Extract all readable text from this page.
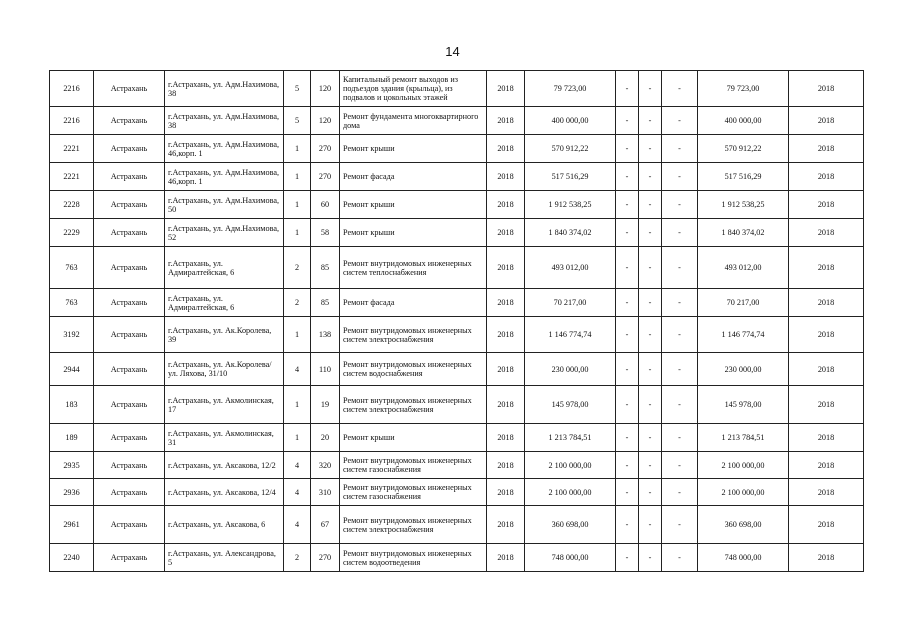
14
2216	Астрахань	г.Астрахань, ул. Адм.Нахимова, 38	5	120	Капитальный ремонт выходов из подъездов здания (крыльца), из подвалов и цокольных этажей	2018	79 723,00	-	-	-	79 723,00	2018
2216	Астрахань	г.Астрахань, ул. Адм.Нахимова, 38	5	120	Ремонт фундамента многоквартирного дома	2018	400 000,00	-	-	-	400 000,00	2018
2221	Астрахань	г.Астрахань, ул. Адм.Нахимова, 46,корп. 1	1	270	Ремонт крыши	2018	570 912,22	-	-	-	570 912,22	2018
2221	Астрахань	г.Астрахань, ул. Адм.Нахимова, 46,корп. 1	1	270	Ремонт фасада	2018	517 516,29	-	-	-	517 516,29	2018
2228	Астрахань	г.Астрахань, ул. Адм.Нахимова, 50	1	60	Ремонт крыши	2018	1 912 538,25	-	-	-	1 912 538,25	2018
2229	Астрахань	г.Астрахань, ул. Адм.Нахимова, 52	1	58	Ремонт крыши	2018	1 840 374,02	-	-	-	1 840 374,02	2018
763	Астрахань	г.Астрахань, ул. Адмиралтейская, 6	2	85	Ремонт внутридомовых инженерных систем теплоснабжения	2018	493 012,00	-	-	-	493 012,00	2018
763	Астрахань	г.Астрахань, ул. Адмиралтейская, 6	2	85	Ремонт фасада	2018	70 217,00	-	-	-	70 217,00	2018
3192	Астрахань	г.Астрахань, ул. Ак.Королева, 39	1	138	Ремонт внутридомовых инженерных систем электроснабжения	2018	1 146 774,74	-	-	-	1 146 774,74	2018
2944	Астрахань	г.Астрахань, ул. Ак.Королева/ул. Ляхова, 31/10	4	110	Ремонт внутридомовых инженерных систем водоснабжения	2018	230 000,00	-	-	-	230 000,00	2018
183	Астрахань	г.Астрахань, ул. Акмолинская, 17	1	19	Ремонт внутридомовых инженерных систем электроснабжения	2018	145 978,00	-	-	-	145 978,00	2018
189	Астрахань	г.Астрахань, ул. Акмолинская, 31	1	20	Ремонт крыши	2018	1 213 784,51	-	-	-	1 213 784,51	2018
2935	Астрахань	г.Астрахань, ул. Аксакова, 12/2	4	320	Ремонт внутридомовых инженерных систем газоснабжения	2018	2 100 000,00	-	-	-	2 100 000,00	2018
2936	Астрахань	г.Астрахань, ул. Аксакова, 12/4	4	310	Ремонт внутридомовых инженерных систем газоснабжения	2018	2 100 000,00	-	-	-	2 100 000,00	2018
2961	Астрахань	г.Астрахань, ул. Аксакова, 6	4	67	Ремонт внутридомовых инженерных систем электроснабжения	2018	360 698,00	-	-	-	360 698,00	2018
2240	Астрахань	г.Астрахань, ул. Александрова, 5	2	270	Ремонт внутридомовых инженерных систем водоотведения	2018	748 000,00	-	-	-	748 000,00	2018
